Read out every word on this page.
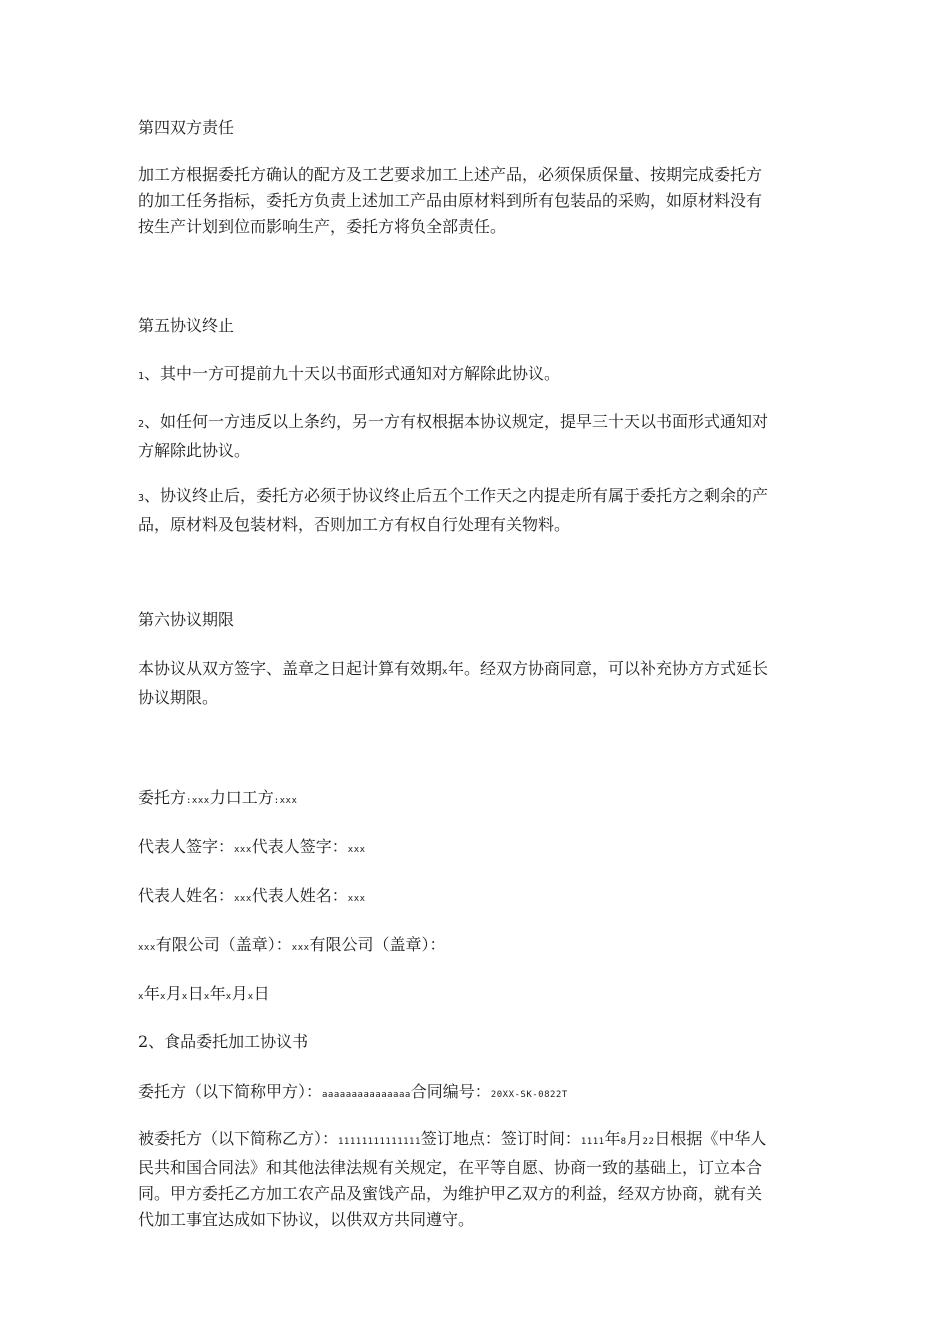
第四双方责任

加工方根据委托方确认的配方及工艺要求加工上述产品，必须保质保量、按期完成委托方
的加工任务指标，委托方负责上述加工产品由原材料到所有包装品的采购，如原材料没有
按生产计划到位而影响生产，委托方将负全部责任。

第五协议终止

1、其中一方可提前九十天以书面形式通知对方解除此协议。

2、如任何一方违反以上条约，另一方有权根据本协议规定，提早三十天以书面形式通知对
方解除此协议。

3、协议终止后，委托方必须于协议终止后五个工作天之内提走所有属于委托方之剩余的产
品，原材料及包装材料，否则加工方有权自行处理有关物料。

第六协议期限

本协议从双方签字、盖章之日起计算有效期x年。经双方协商同意，可以补充协方方式延长
协议期限。

委托方:xxx力口工方:xxx

代表人签字：xxx代表人签字：xxx

代表人姓名：xxx代表人姓名：xxx

xxx有限公司（盖章）：xxx有限公司（盖章）：

x年x月x日x年x月x日

2、食品委托加工协议书

委托方（以下简称甲方）：aaaaaaaaaaaaaaa合同编号：20XX-SK-0822T

被委托方（以下简称乙方）：11111111111111签订地点：签订时间：1111年8月22日根据《中华人
民共和国合同法》和其他法律法规有关规定，在平等自愿、协商一致的基础上，订立本合
同。甲方委托乙方加工农产品及蜜饯产品，为维护甲乙双方的利益，经双方协商，就有关
代加工事宜达成如下协议，以供双方共同遵守。
